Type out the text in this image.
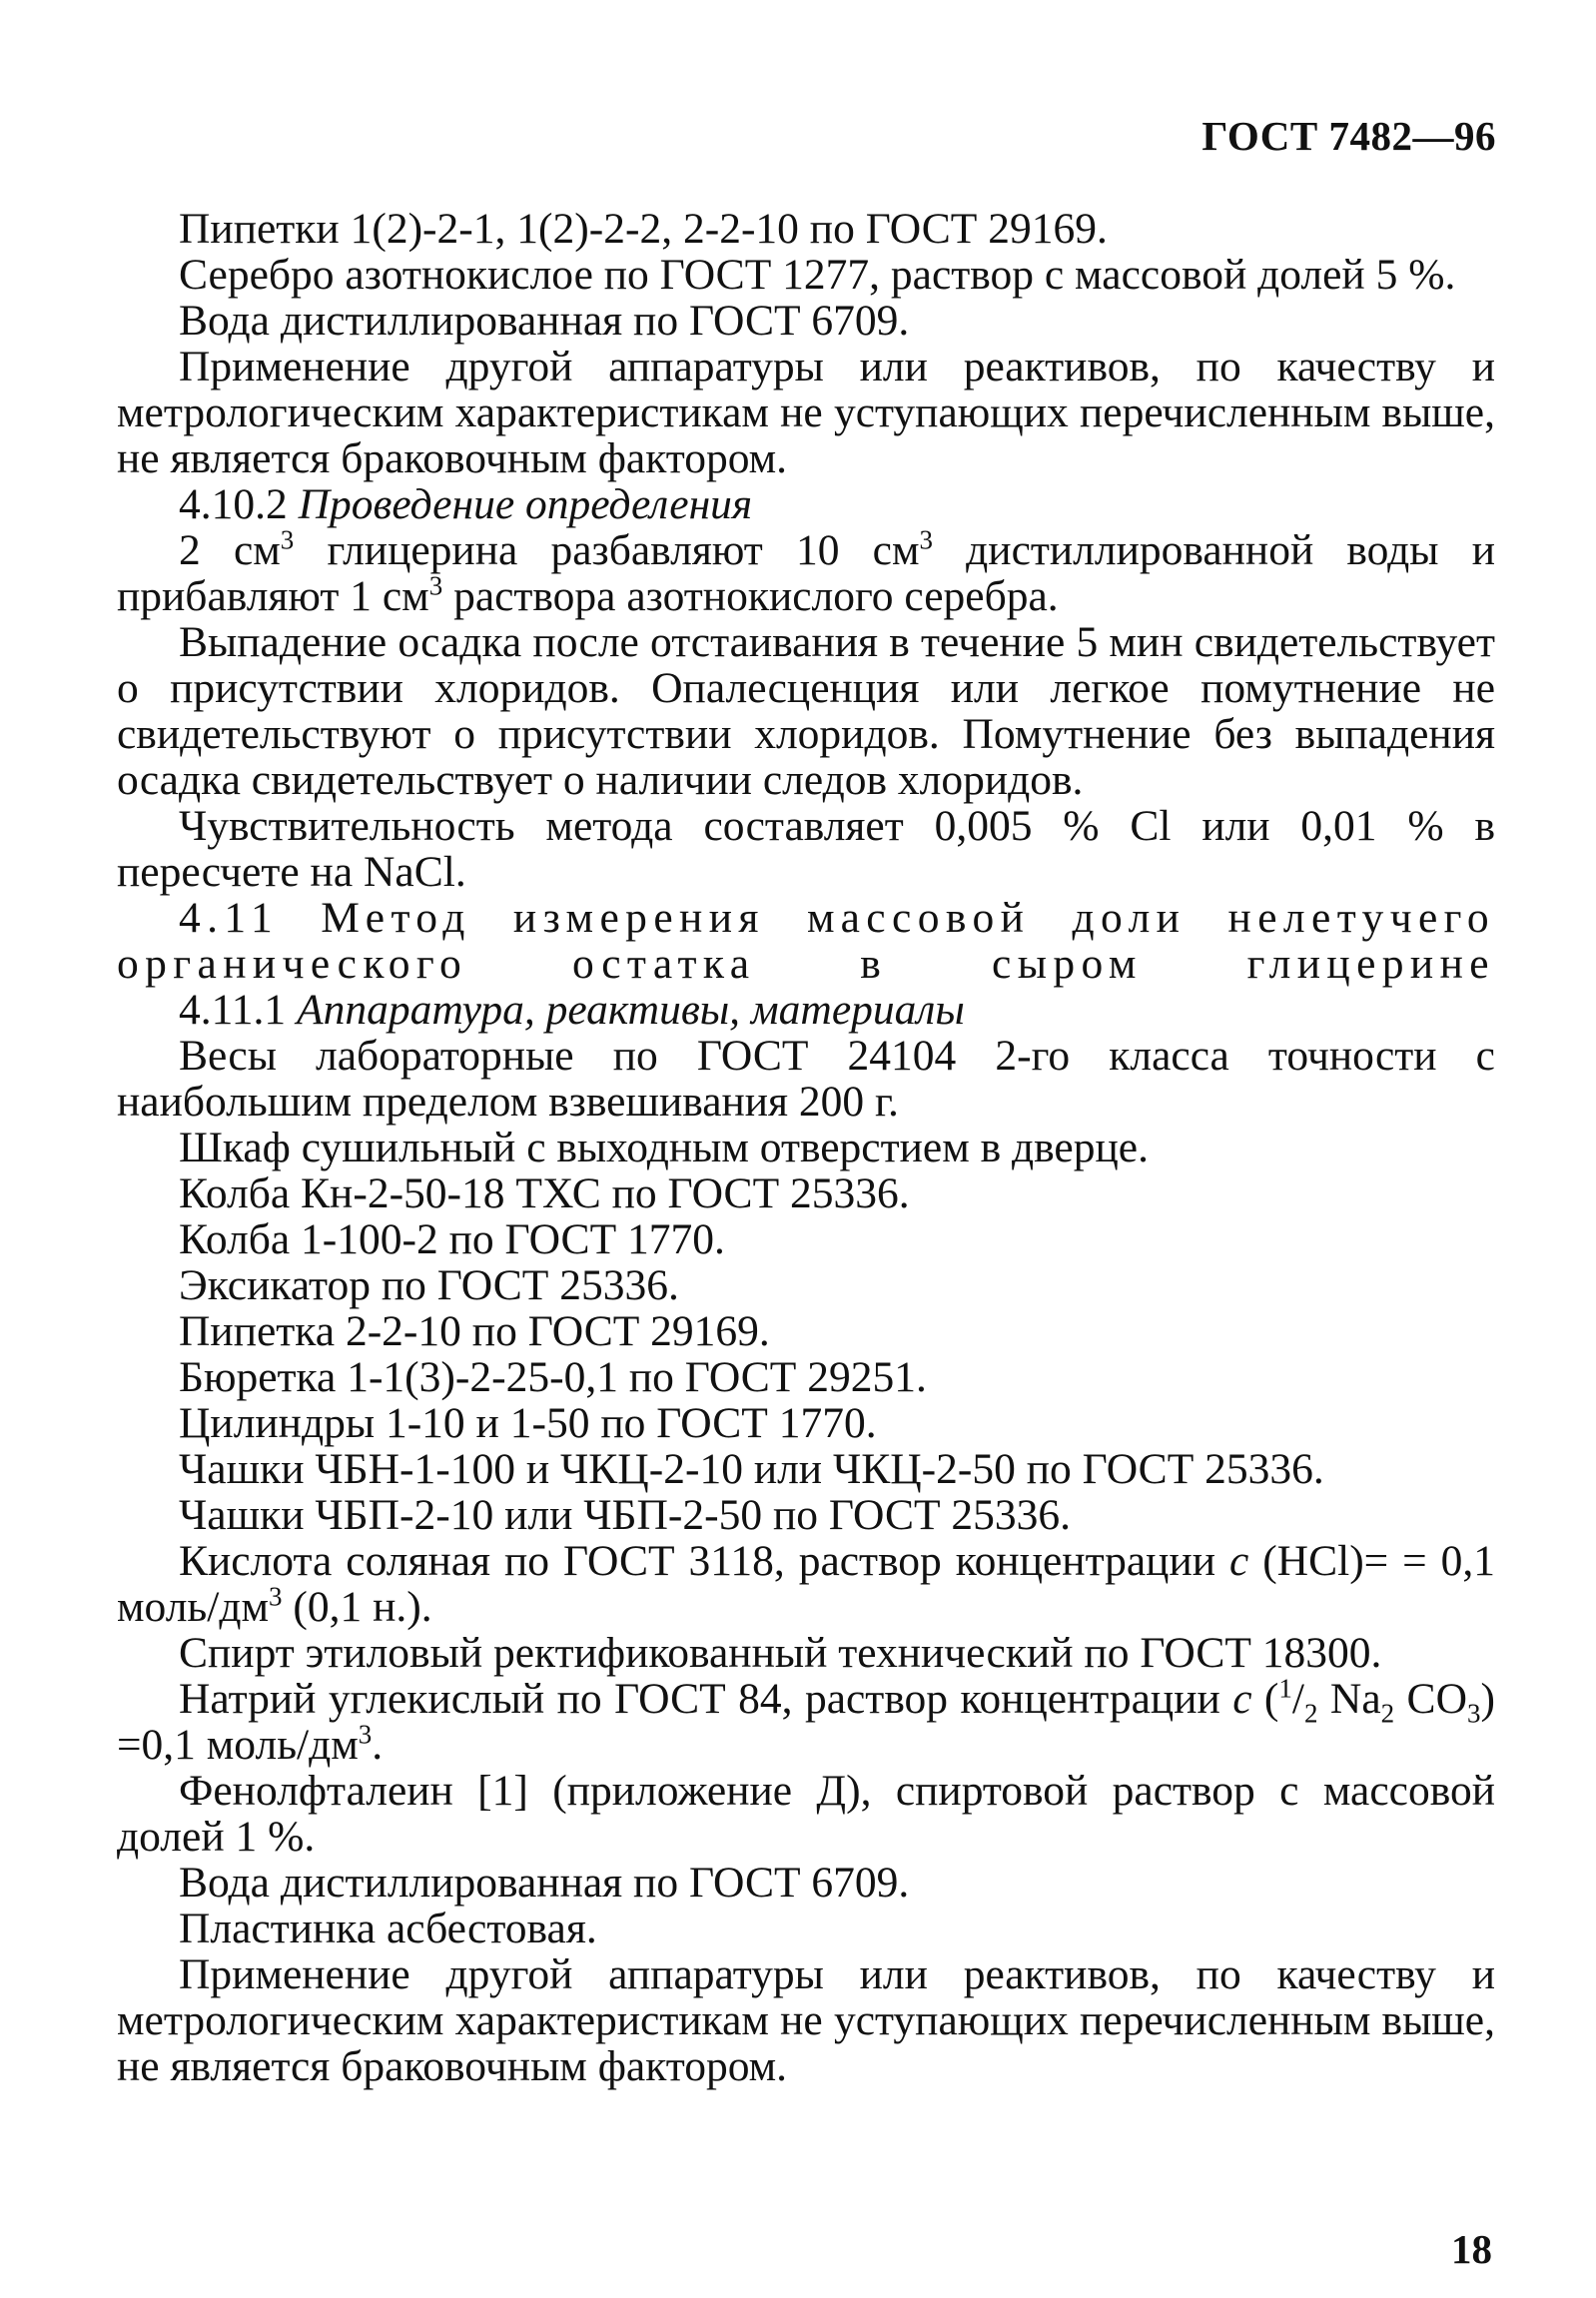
ГОСТ 7482—96

Пипетки 1(2)-2-1, 1(2)-2-2, 2-2-10 по ГОСТ 29169.

Серебро азотнокислое по ГОСТ 1277, раствор с массовой долей 5 %.

Вода дистиллированная по ГОСТ 6709.

Применение другой аппаратуры или реактивов, по качеству и метрологическим характеристикам не уступающих перечисленным выше, не является браковочным фактором.

4.10.2 Проведение определения

2 $см^3$ глицерина разбавляют 10 $см^3$ дистиллированной воды и прибавляют 1 $см^3$ раствора азотнокислого серебра.

Выпадение осадка после отстаивания в течение 5 мин свидетельствует о присутствии хлоридов. Опалесценция или легкое помутнение не свидетельствуют о присутствии хлоридов. Помутнение без выпадения осадка свидетельствует о наличии следов хлоридов.

Чувствительность метода составляет 0,005 % Cl или 0,01 % в пересчете на NaCl.

4.11 Метод измерения массовой доли нелетучего органического остатка в сыром глицерине

4.11.1 Аппаратура, реактивы, материалы

Весы лабораторные по ГОСТ 24104 2-го класса точности с наибольшим пределом взвешивания 200 г.

Шкаф сушильный с выходным отверстием в дверце.

Колба Кн-2-50-18 ТХС по ГОСТ 25336.

Колба 1-100-2 по ГОСТ 1770.

Эксикатор по ГОСТ 25336.

Пипетка 2-2-10 по ГОСТ 29169.

Бюретка 1-1(3)-2-25-0,1 по ГОСТ 29251.

Цилиндры 1-10 и 1-50 по ГОСТ 1770.

Чашки ЧБН-1-100 и ЧКЦ-2-10 или ЧКЦ-2-50 по ГОСТ 25336.

Чашки ЧБП-2-10 или ЧБП-2-50 по ГОСТ 25336.

Кислота соляная по ГОСТ 3118, раствор концентрации c (HCl)= = 0,1 моль/$дм^3$ (0,1 н.).

Спирт этиловый ректификованный технический по ГОСТ 18300.

Натрий углекислый по ГОСТ 84, раствор концентрации c ($^1/_2$ $Na_2$ $CO_3) =0,1$ моль/$дм^3$.

Фенолфталеин [1] (приложение Д), спиртовой раствор с массовой долей 1 %.

Вода дистиллированная по ГОСТ 6709.

Пластинка асбестовая.

Применение другой аппаратуры или реактивов, по качеству и метрологическим характеристикам не уступающих перечисленным выше, не является браковочным фактором.

18
